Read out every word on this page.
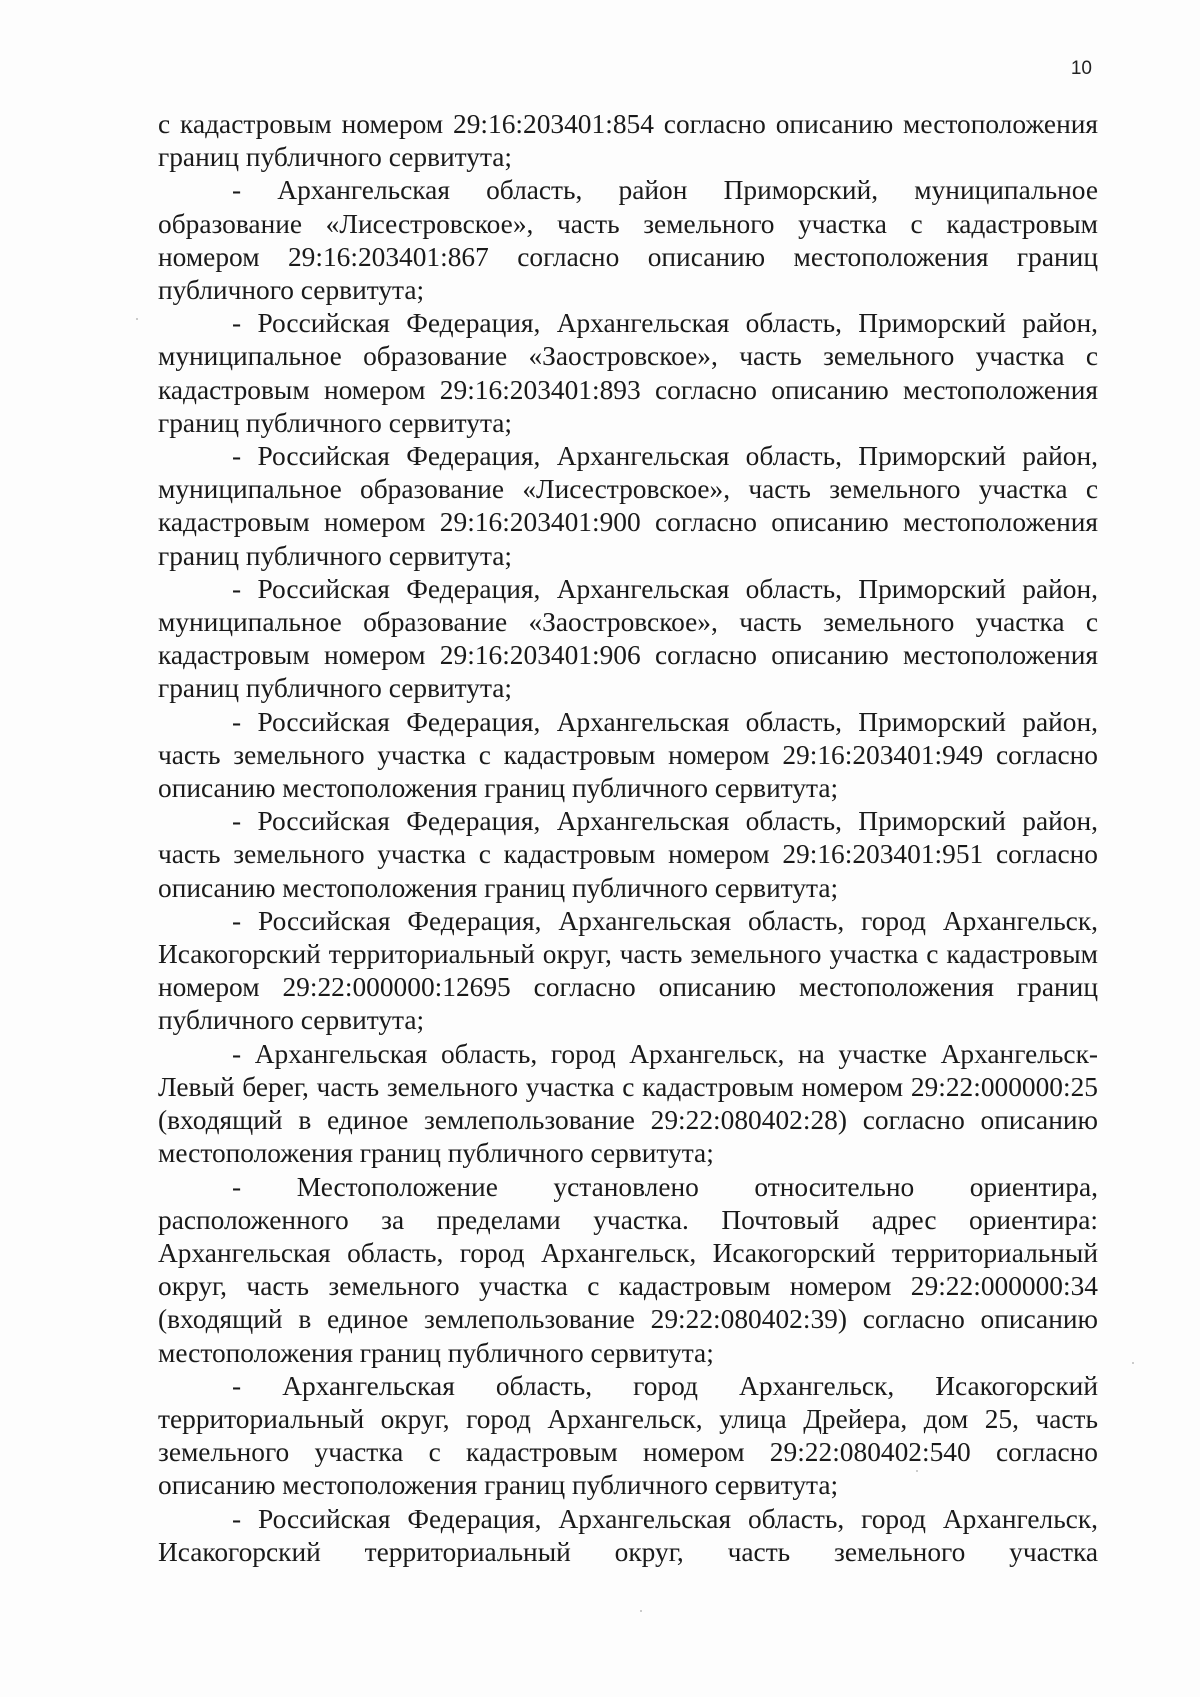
10

с кадастровым номером 29:16:203401:854 согласно описанию местоположения границ публичного сервитута;

- Архангельская область, район Приморский, муниципальное образование «Лисестровское», часть земельного участка с кадастровым номером 29:16:203401:867 согласно описанию местоположения границ публичного сервитута;

- Российская Федерация, Архангельская область, Приморский район, муниципальное образование «Заостровское», часть земельного участка с кадастровым номером 29:16:203401:893 согласно описанию местоположения границ публичного сервитута;

- Российская Федерация, Архангельская область, Приморский район, муниципальное образование «Лисестровское», часть земельного участка с кадастровым номером 29:16:203401:900 согласно описанию местоположения границ публичного сервитута;

- Российская Федерация, Архангельская область, Приморский район, муниципальное образование «Заостровское», часть земельного участка с кадастровым номером 29:16:203401:906 согласно описанию местоположения границ публичного сервитута;

- Российская Федерация, Архангельская область, Приморский район, часть земельного участка с кадастровым номером 29:16:203401:949 согласно описанию местоположения границ публичного сервитута;

- Российская Федерация, Архангельская область, Приморский район, часть земельного участка с кадастровым номером 29:16:203401:951 согласно описанию местоположения границ публичного сервитута;

- Российская Федерация, Архангельская область, город Архангельск, Исакогорский территориальный округ, часть земельного участка с кадастровым номером 29:22:000000:12695 согласно описанию местоположения границ публичного сервитута;

- Архангельская область, город Архангельск, на участке Архангельск-Левый берег, часть земельного участка с кадастровым номером 29:22:000000:25 (входящий в единое землепользование 29:22:080402:28) согласно описанию местоположения границ публичного сервитута;

- Местоположение установлено относительно ориентира, расположенного за пределами участка. Почтовый адрес ориентира: Архангельская область, город Архангельск, Исакогорский территориальный округ, часть земельного участка с кадастровым номером 29:22:000000:34 (входящий в единое землепользование 29:22:080402:39) согласно описанию местоположения границ публичного сервитута;

- Архангельская область, город Архангельск, Исакогорский территориальный округ, город Архангельск, улица Дрейера, дом 25, часть земельного участка с кадастровым номером 29:22:080402:540 согласно описанию местоположения границ публичного сервитута;

- Российская Федерация, Архангельская область, город Архангельск, Исакогорский территориальный округ, часть земельного участка
